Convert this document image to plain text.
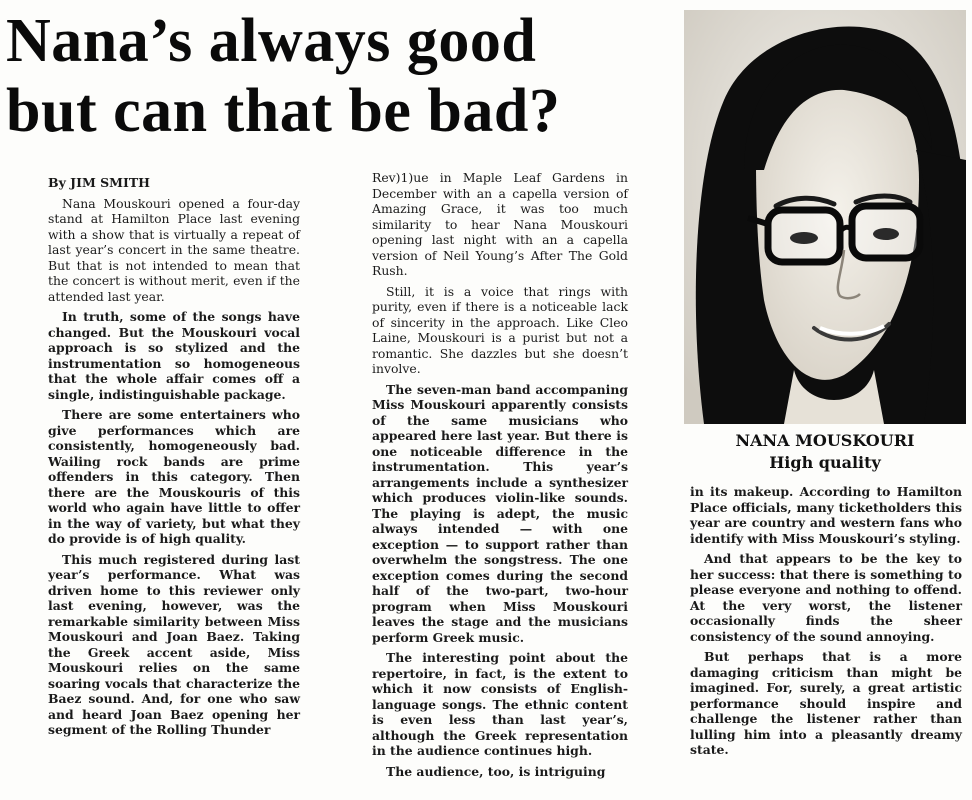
Nana’s always good
but can that be bad?
NANA MOUSKOURI
High quality

By JIM SMITH

Nana Mouskouri opened a four-day stand at Hamilton Place last evening with a show that is virtually a repeat of last year’s concert in the same theatre. But that is not intended to mean that the concert is without merit, even if the attended last year.

In truth, some of the songs have changed. But the Mouskouri vocal approach is so stylized and the instrumentation so homogeneous that the whole affair comes off a single, indistinguishable package.

There are some entertainers who give performances which are consistently, homogeneously bad. Wailing rock bands are prime offenders in this category. Then there are the Mouskouris of this world who again have little to offer in the way of variety, but what they do provide is of high quality.

This much registered during last year’s performance. What was driven home to this reviewer only last evening, however, was the remarkable similarity between Miss Mouskouri and Joan Baez. Taking the Greek accent aside, Miss Mouskouri relies on the same soaring vocals that characterize the Baez sound. And, for one who saw and heard Joan Baez opening her segment of the Rolling Thunder

Rev)1)ue in Maple Leaf Gardens in December with an a capella version of Amazing Grace, it was too much similarity to hear Nana Mouskouri opening last night with an a capella version of Neil Young’s After The Gold Rush.

Still, it is a voice that rings with purity, even if there is a noticeable lack of sincerity in the approach. Like Cleo Laine, Mouskouri is a purist but not a romantic. She dazzles but she doesn’t involve.

The seven-man band accompaning Miss Mouskouri apparently consists of the same musicians who appeared here last year. But there is one noticeable difference in the instrumentation. This year’s arrangements include a synthesizer which produces violin-like sounds. The playing is adept, the music always intended — with one exception — to support rather than overwhelm the songstress. The one exception comes during the second half of the two-part, two-hour program when Miss Mouskouri leaves the stage and the musicians perform Greek music.

The interesting point about the repertoire, in fact, is the extent to which it now consists of English-language songs. The ethnic content is even less than last year’s, although the Greek representation in the audience continues high.

The audience, too, is intriguing

in its makeup. According to Hamilton Place officials, many ticketholders this year are country and western fans who identify with Miss Mouskouri’s styling.

And that appears to be the key to her success: that there is something to please everyone and nothing to offend. At the very worst, the listener occasionally finds the sheer consistency of the sound annoying.

But perhaps that is a more damaging criticism than might be imagined. For, surely, a great artistic performance should inspire and challenge the listener rather than lulling him into a pleasantly dreamy state.
